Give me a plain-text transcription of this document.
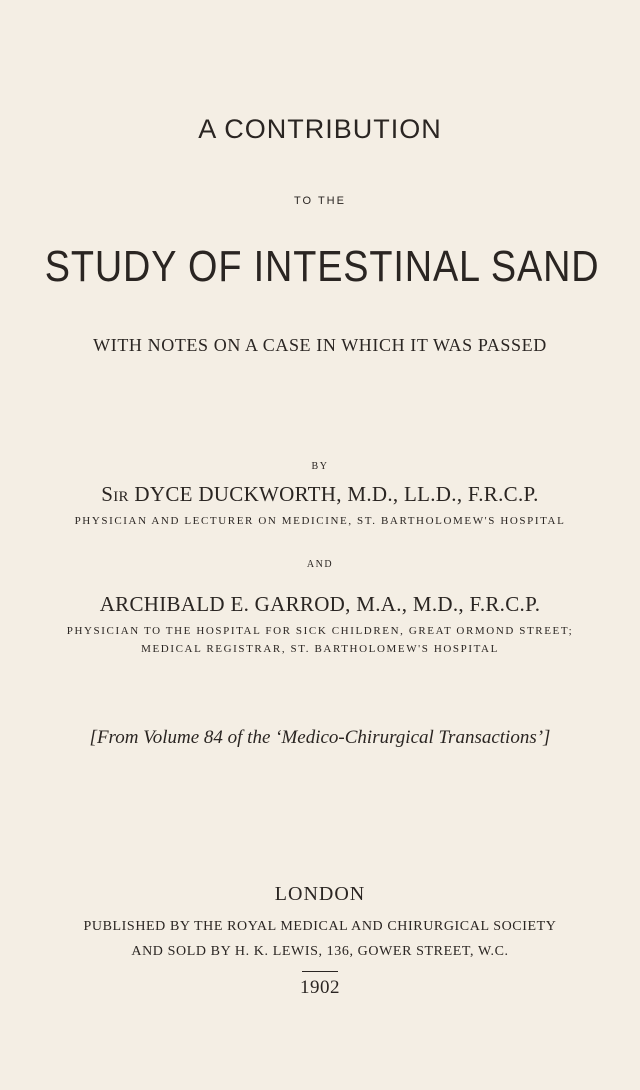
A CONTRIBUTION
TO THE
STUDY OF INTESTINAL SAND
WITH NOTES ON A CASE IN WHICH IT WAS PASSED
BY
SIR DYCE DUCKWORTH, M.D., LL.D., F.R.C.P.
PHYSICIAN AND LECTURER ON MEDICINE, ST. BARTHOLOMEW'S HOSPITAL
AND
ARCHIBALD E. GARROD, M.A., M.D., F.R.C.P.
PHYSICIAN TO THE HOSPITAL FOR SICK CHILDREN, GREAT ORMOND STREET;
MEDICAL REGISTRAR, ST. BARTHOLOMEW'S HOSPITAL
[From Volume 84 of the ‘Medico-Chirurgical Transactions’]
LONDON
PUBLISHED BY THE ROYAL MEDICAL AND CHIRURGICAL SOCIETY
AND SOLD BY H. K. LEWIS, 136, GOWER STREET, W.C.
1902
